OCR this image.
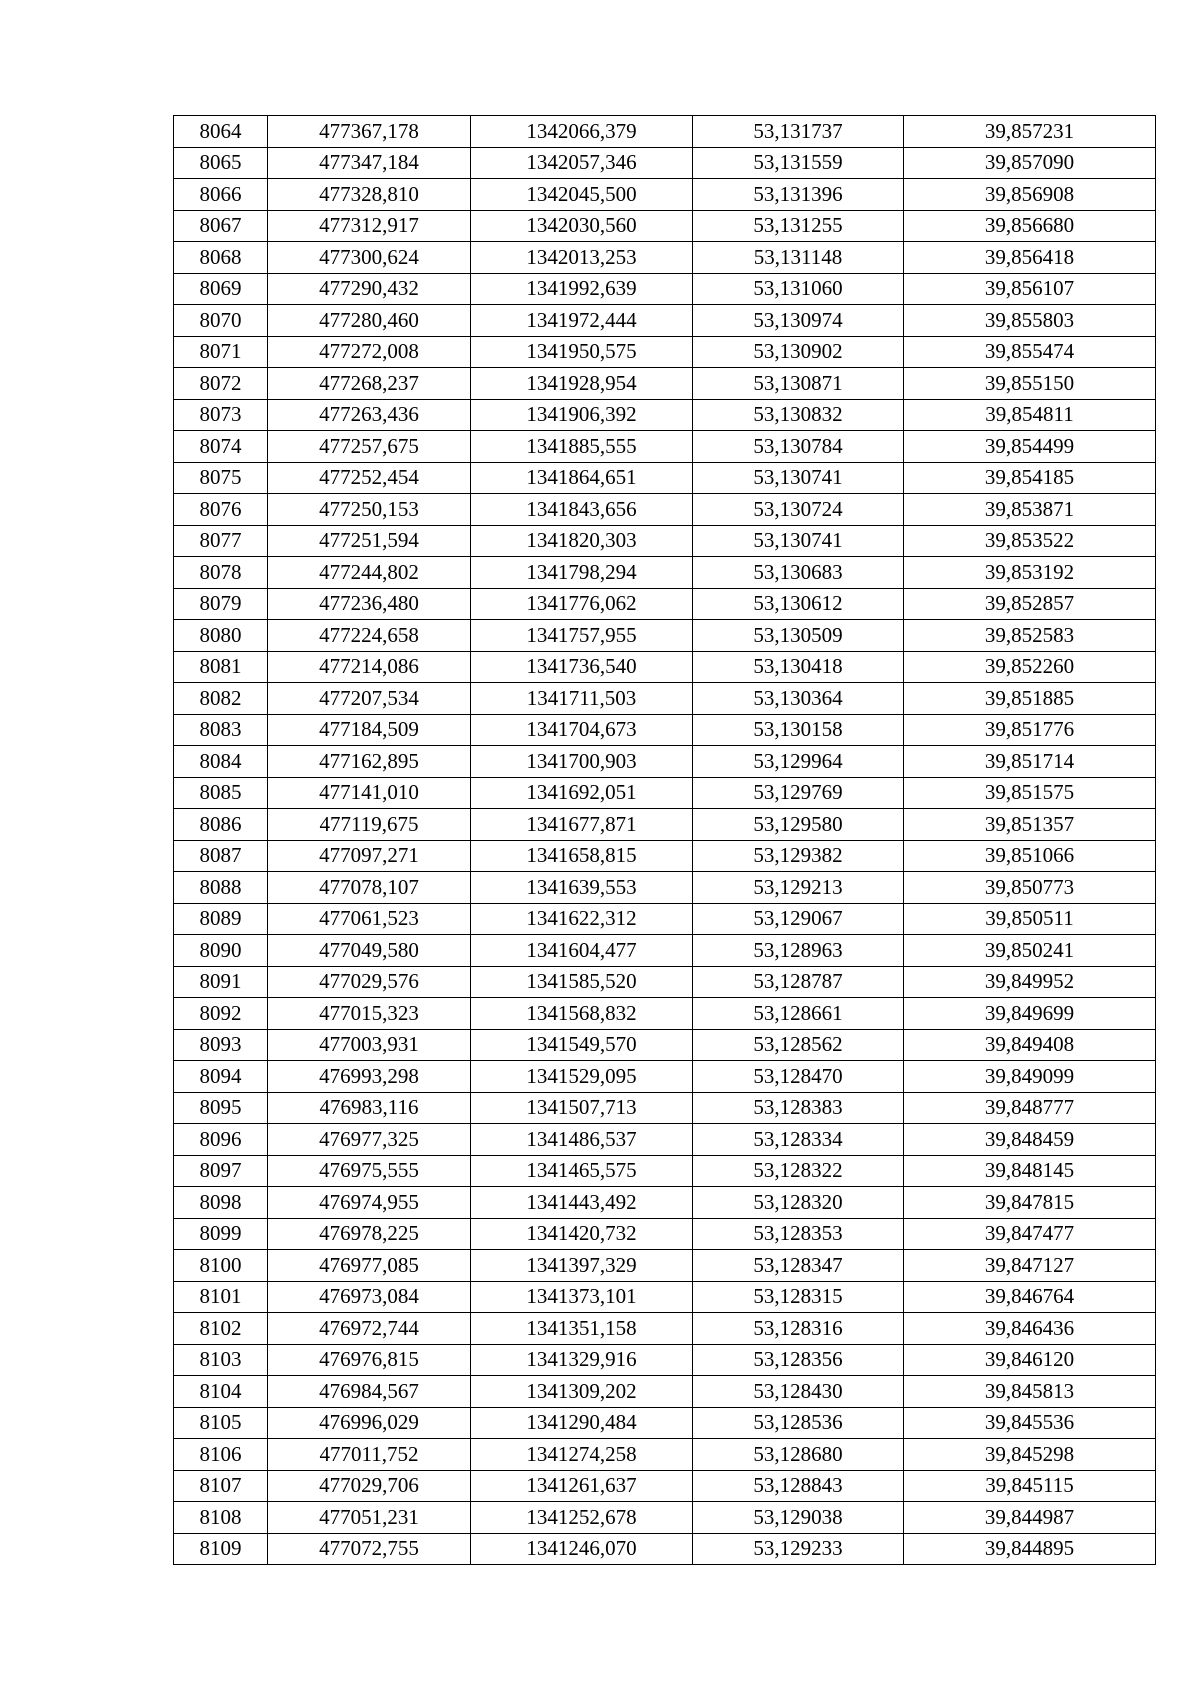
8064	477367,178	1342066,379	53,131737	39,857231
8065	477347,184	1342057,346	53,131559	39,857090
8066	477328,810	1342045,500	53,131396	39,856908
8067	477312,917	1342030,560	53,131255	39,856680
8068	477300,624	1342013,253	53,131148	39,856418
8069	477290,432	1341992,639	53,131060	39,856107
8070	477280,460	1341972,444	53,130974	39,855803
8071	477272,008	1341950,575	53,130902	39,855474
8072	477268,237	1341928,954	53,130871	39,855150
8073	477263,436	1341906,392	53,130832	39,854811
8074	477257,675	1341885,555	53,130784	39,854499
8075	477252,454	1341864,651	53,130741	39,854185
8076	477250,153	1341843,656	53,130724	39,853871
8077	477251,594	1341820,303	53,130741	39,853522
8078	477244,802	1341798,294	53,130683	39,853192
8079	477236,480	1341776,062	53,130612	39,852857
8080	477224,658	1341757,955	53,130509	39,852583
8081	477214,086	1341736,540	53,130418	39,852260
8082	477207,534	1341711,503	53,130364	39,851885
8083	477184,509	1341704,673	53,130158	39,851776
8084	477162,895	1341700,903	53,129964	39,851714
8085	477141,010	1341692,051	53,129769	39,851575
8086	477119,675	1341677,871	53,129580	39,851357
8087	477097,271	1341658,815	53,129382	39,851066
8088	477078,107	1341639,553	53,129213	39,850773
8089	477061,523	1341622,312	53,129067	39,850511
8090	477049,580	1341604,477	53,128963	39,850241
8091	477029,576	1341585,520	53,128787	39,849952
8092	477015,323	1341568,832	53,128661	39,849699
8093	477003,931	1341549,570	53,128562	39,849408
8094	476993,298	1341529,095	53,128470	39,849099
8095	476983,116	1341507,713	53,128383	39,848777
8096	476977,325	1341486,537	53,128334	39,848459
8097	476975,555	1341465,575	53,128322	39,848145
8098	476974,955	1341443,492	53,128320	39,847815
8099	476978,225	1341420,732	53,128353	39,847477
8100	476977,085	1341397,329	53,128347	39,847127
8101	476973,084	1341373,101	53,128315	39,846764
8102	476972,744	1341351,158	53,128316	39,846436
8103	476976,815	1341329,916	53,128356	39,846120
8104	476984,567	1341309,202	53,128430	39,845813
8105	476996,029	1341290,484	53,128536	39,845536
8106	477011,752	1341274,258	53,128680	39,845298
8107	477029,706	1341261,637	53,128843	39,845115
8108	477051,231	1341252,678	53,129038	39,844987
8109	477072,755	1341246,070	53,129233	39,844895
